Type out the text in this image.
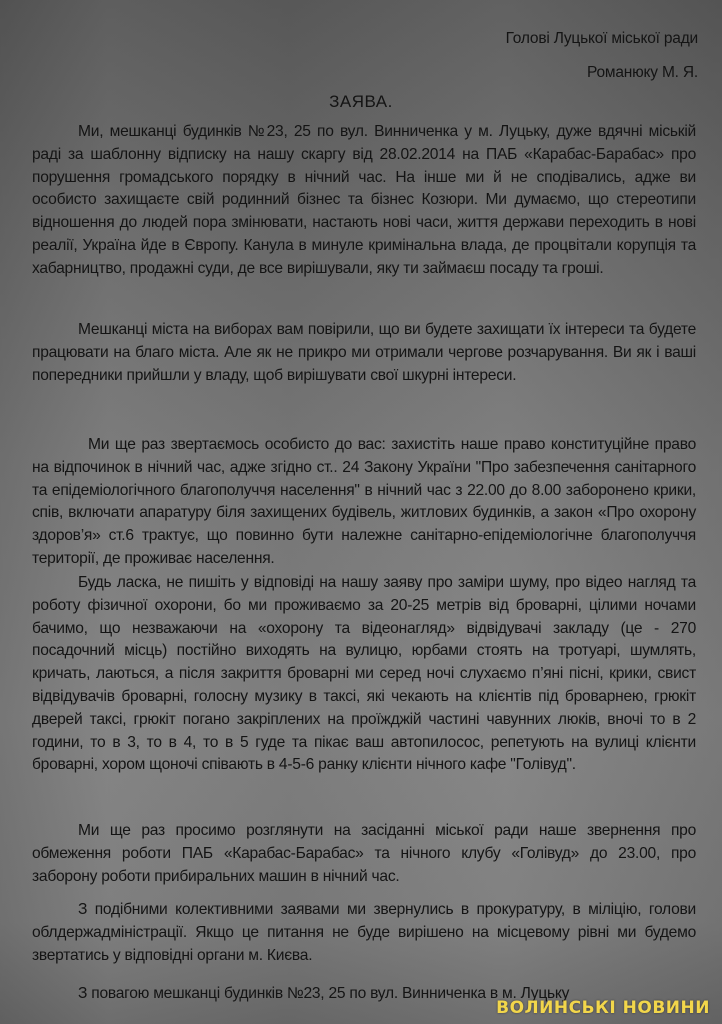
Голові Луцької міської ради
Романюку М. Я.
ЗАЯВА.

Ми, мешканці будинків №23, 25 по вул. Винниченка у м. Луцьку, дуже вдячні міській раді за шаблонну відписку на нашу скаргу від 28.02.2014 на ПАБ «Карабас-Барабас» про порушення громадського порядку в нічний час. На інше ми й не сподівались, адже ви особисто захищаєте свій родинний бізнес та бізнес Козюри. Ми думаємо, що стереотипи відношення до людей пора змінювати, настають нові часи, життя держави переходить в нові реалії, Україна йде в Європу. Канула в минуле кримінальна влада, де процвітали корупція та хабарництво, продажні суди, де все вирішували, яку ти займаєш посаду та гроші.

Мешканці міста на виборах вам повірили, що ви будете захищати їх інтереси та будете працювати на благо міста. Але як не прикро ми отримали чергове розчарування. Ви як і ваші попередники прийшли у владу, щоб вирішувати свої шкурні інтереси.

Ми ще раз звертаємось особисто до вас: захистіть наше право конституційне право на відпочинок в нічний час, адже згідно ст.. 24 Закону України "Про забезпечення санітарного та епідеміологічного благополуччя населення" в нічний час з 22.00 до 8.00 заборонено крики, спів, включати апаратуру біля захищених будівель, житлових будинків, а закон «Про охорону здоров’я» ст.6 трактує, що повинно бути належне санітарно-епідеміологічне благополуччя території, де проживає населення.

Будь ласка, не пишіть у відповіді на нашу заяву про заміри шуму, про відео нагляд та роботу фізичної охорони, бо ми проживаємо за 20-25 метрів від броварні, цілими ночами бачимо, що незважаючи на «охорону та відеонагляд» відвідувачі закладу (це - 270 посадочний місць) постійно виходять на вулицю, юрбами стоять на тротуарі, шумлять, кричать, лаються, а після закриття броварні ми серед ночі слухаємо п’яні пісні, крики, свист відвідувачів броварні, голосну музику в таксі, які чекають на клієнтів під броварнею, грюкіт дверей таксі, грюкіт погано закріплених на проїжджій частині чавунних люків, вночі то в 2 години, то в 3, то в 4, то в 5 гуде та пікає ваш автопилосос, репетують на вулиці клієнти броварні, хором щоночі співають в 4-5-6 ранку клієнти нічного кафе "Голівуд".

Ми ще раз просимо розглянути на засіданні міської ради наше звернення про обмеження роботи ПАБ «Карабас-Барабас» та нічного клубу «Голівуд» до 23.00, про заборону роботи прибиральних машин в нічний час.

З подібними колективними заявами ми звернулись в прокуратуру, в міліцію, голови облдержадміністрації. Якщо це питання не буде вирішено на місцевому рівні ми будемо звертатись у відповідні органи м. Києва.

З повагою мешканці будинків №23, 25 по вул. Винниченка в м. Луцьку

ВОЛИНСЬКІ НОВИНИ
